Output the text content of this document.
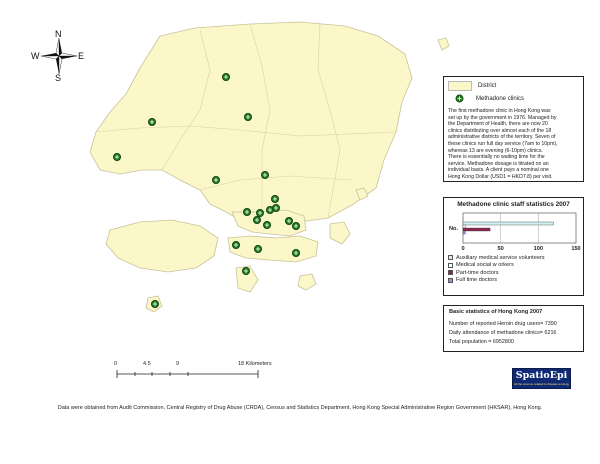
N
S
W	E
0	4.5	9	18 Kilometers
District
Methadone clinics
The first methadone clinic in Hong Kong was
set up by the government in 1976. Managed by
the Department of Health, there are now 20
clinics distributing over almost each of the 18
administrative districts of the territory. Seven of
these clinics run full day service (7am to 10pm),
whereas 13 are evening (6-10pm) clinics.
There is essentially no waiting time for the
service. Methadone dosage is titrated on an
individual basis. A client pays a nominal one
Hong Kong Dollar (USD1 = HKD7.8) per visit.
Methadone clinic staff statistics 2007
No.
0	50	100	150
Auxiliary medical service volunteers
Medical social w orkers
Part-time doctors
Full time doctors
Basic statistics of Hong Kong 2007
Number of reported Heroin drug users= 7390
Daily attendance of methadone clinics= 6216
Total population = 6952800
SpatioEpi
All the science related to disease ecology
Data were obtained from Audit Commission, Central Registry of Drug Abuse (CRDA), Census and Statistics Department, Hong Kong Special Administrative Region Government (HKSAR), Hong Kong.
